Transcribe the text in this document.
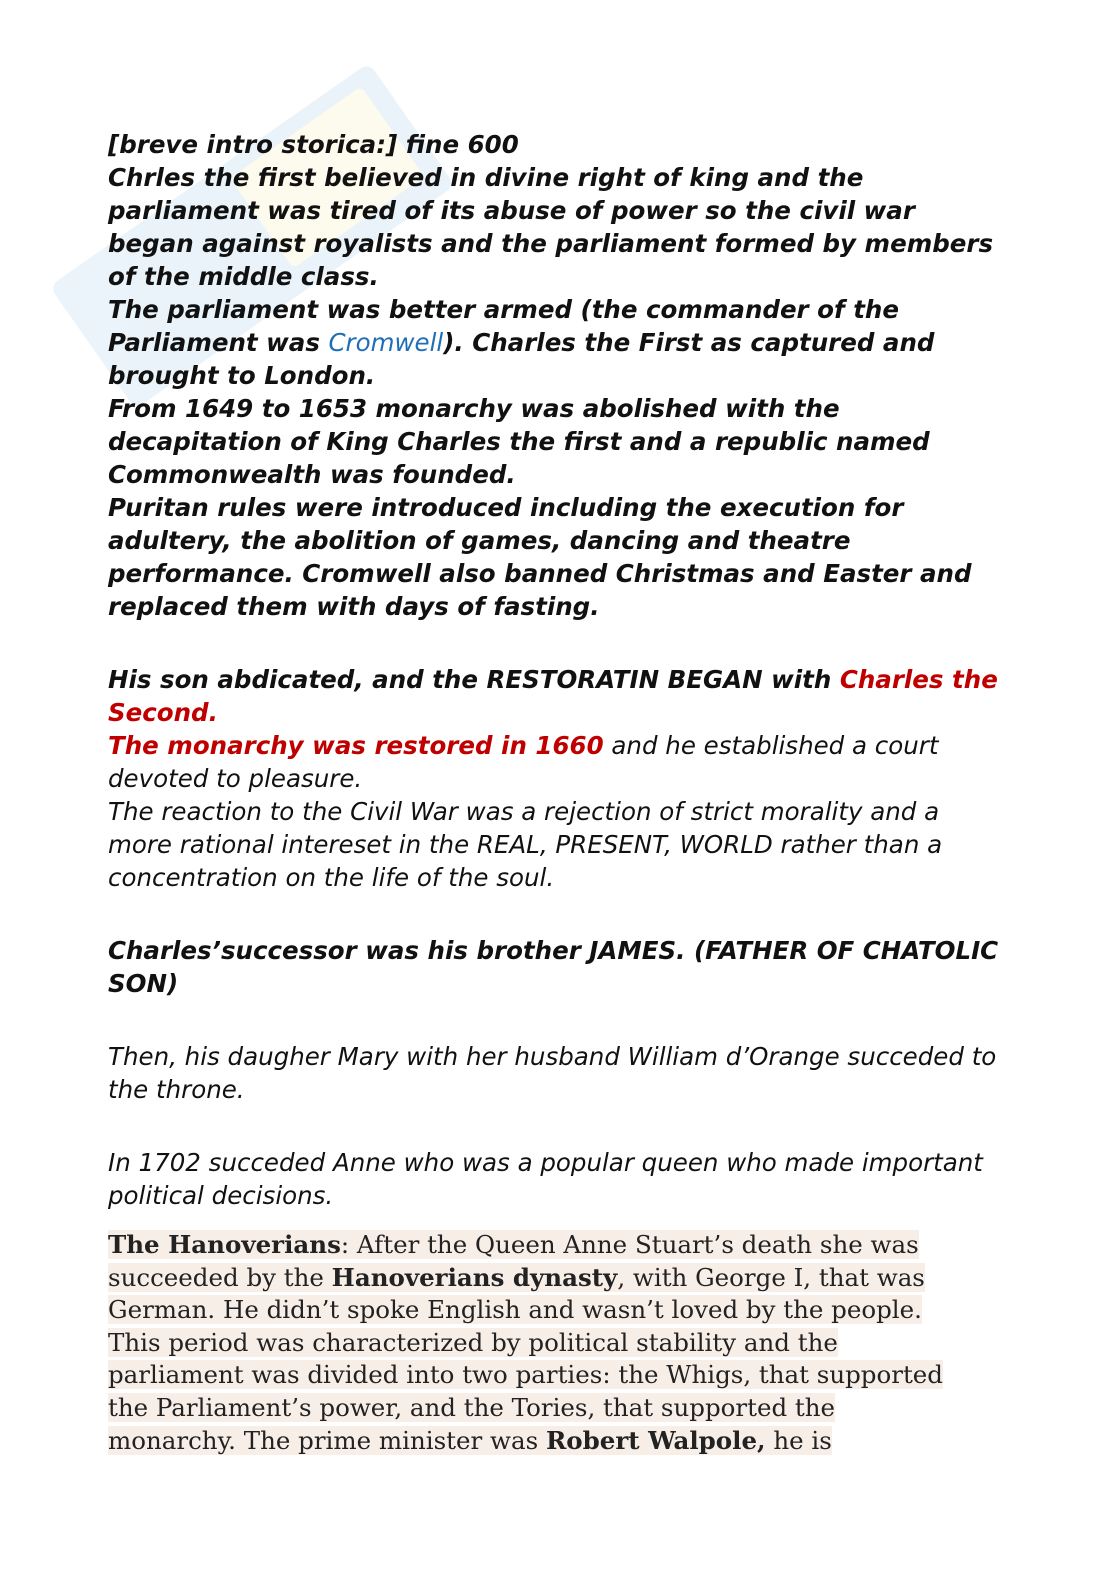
[breve intro storica:] fine 600

Chrles the first believed in divine right of king and the parliament was tired of its abuse of power so the civil war began against royalists and the parliament formed by members of the middle class.

The parliament was better armed (the commander of the Parliament was Cromwell). Charles the First as captured and brought to London.

From 1649 to 1653 monarchy was abolished with the decapitation of King Charles the first and a republic named Commonwealth was founded.

Puritan rules were introduced including the execution for adultery, the abolition of games, dancing and theatre performance. Cromwell also banned Christmas and Easter and replaced them with days of fasting.

His son abdicated, and the RESTORATIN BEGAN with Charles the Second.

The monarchy was restored in 1660 and he established a court devoted to pleasure.

The reaction to the Civil War was a rejection of strict morality and a more rational intereset in the REAL, PRESENT, WORLD rather than a concentration on the life of the soul.

Charles’successor was his brother JAMES. (FATHER OF CHATOLIC SON)

Then, his daugher Mary with her husband William d’Orange succeded to the throne.

In 1702 succeded Anne who was a popular queen who made important political decisions.

The Hanoverians: After the Queen Anne Stuart’s death she was
succeeded by the Hanoverians dynasty, with George I, that was
German. He didn’t spoke English and wasn’t loved by the people.
This period was characterized by political stability and the
parliament was divided into two parties: the Whigs, that supported
the Parliament’s power, and the Tories, that supported the
monarchy. The prime minister was Robert Walpole, he is
